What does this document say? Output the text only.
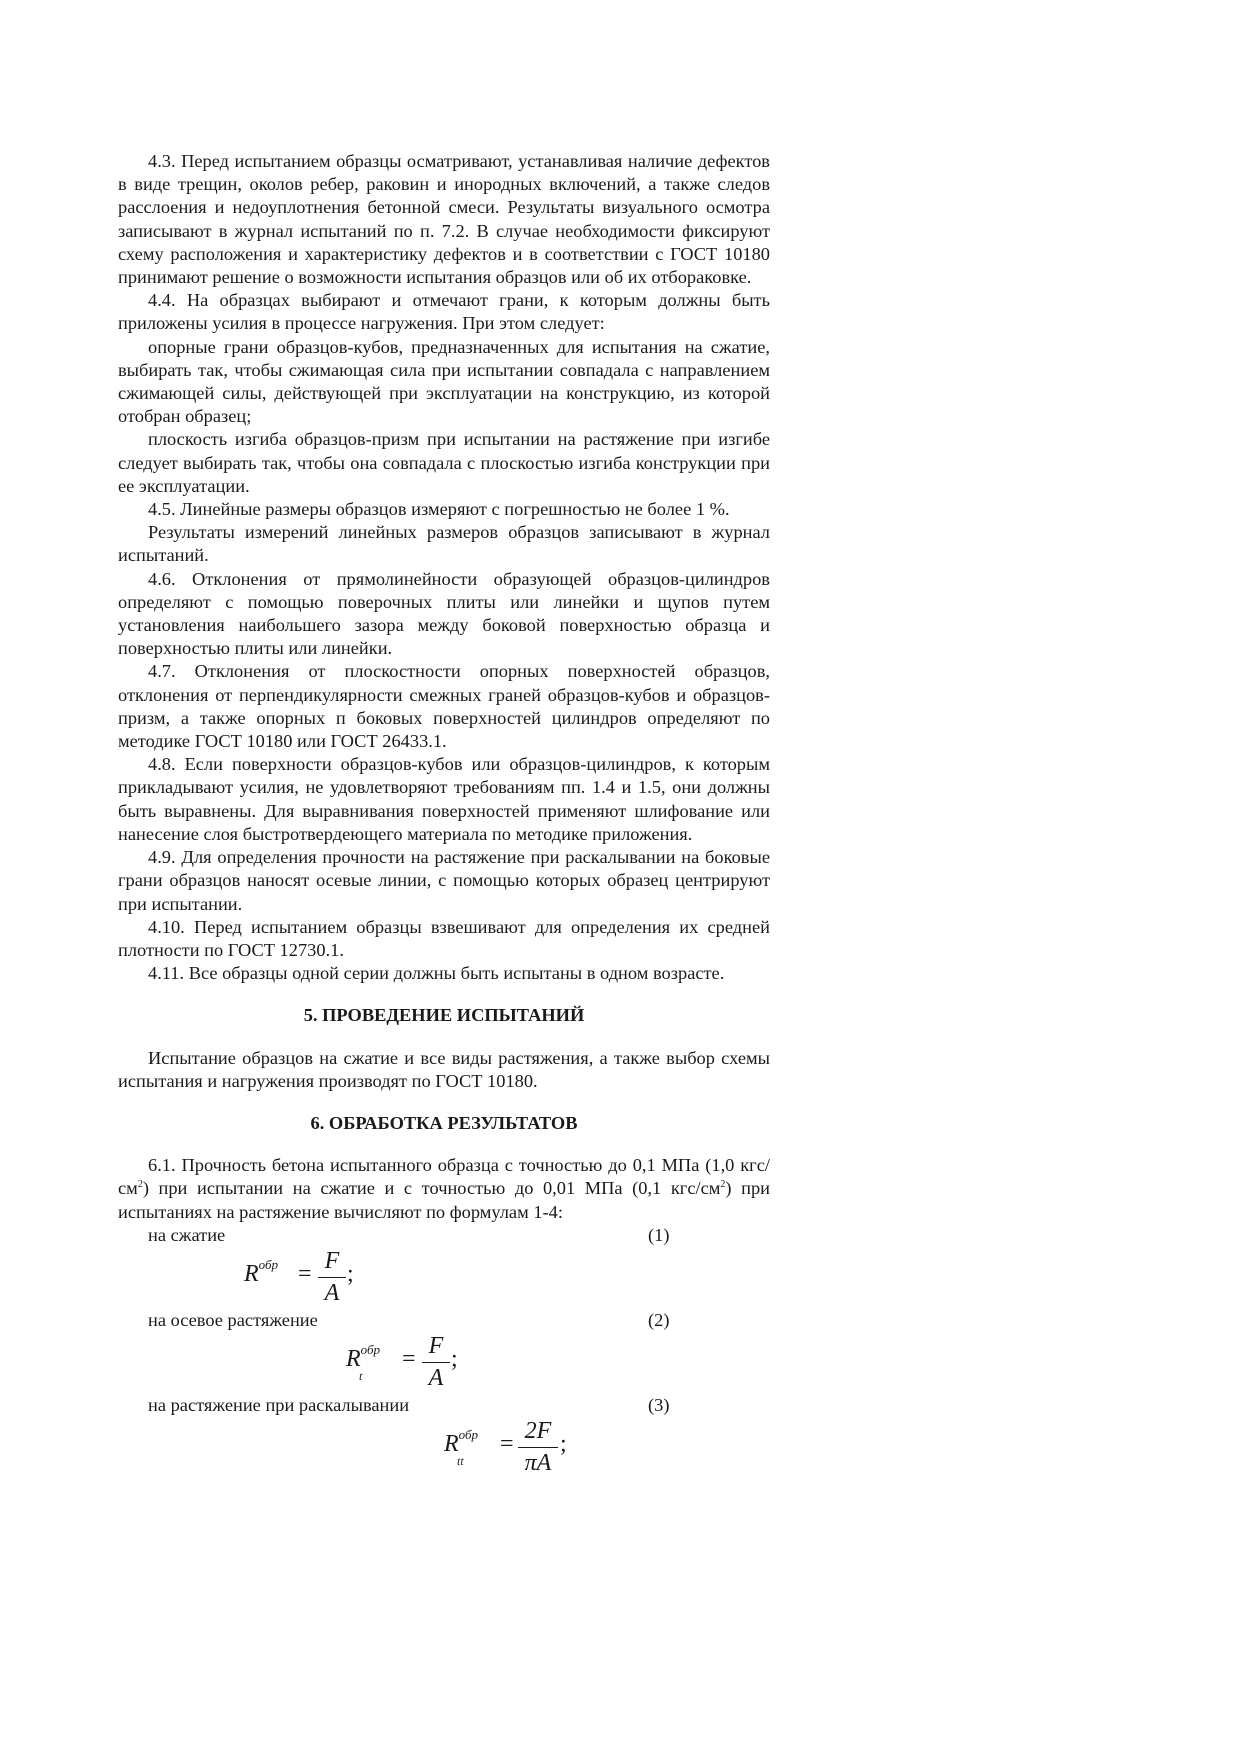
4.3. Перед испытанием образцы осматривают, устанавливая наличие дефектов в виде трещин, околов ребер, раковин и инородных включений, а также следов расслоения и недоуплотнения бетонной смеси. Результаты визуального осмотра записывают в журнал испытаний по п. 7.2. В случае необходимости фиксируют схему расположения и характеристику дефектов и в соответствии с ГОСТ 10180 принимают решение о возможности испытания образцов или об их отбораковке.

4.4. На образцах выбирают и отмечают грани, к которым должны быть приложены усилия в процессе нагружения. При этом следует:

опорные грани образцов-кубов, предназначенных для испытания на сжатие, выбирать так, чтобы сжимающая сила при испытании совпадала с направлением сжимающей силы, действующей при эксплуатации на конструкцию, из которой отобран образец;

плоскость изгиба образцов-призм при испытании на растяжение при изгибе следует выбирать так, чтобы она совпадала с плоскостью изгиба конструкции при ее эксплуатации.

4.5. Линейные размеры образцов измеряют с погрешностью не более 1 %.

Результаты измерений линейных размеров образцов записывают в журнал испытаний.

4.6. Отклонения от прямолинейности образующей образцов-цилиндров определяют с помощью поверочных плиты или линейки и щупов путем установления наибольшего зазора между боковой поверхностью образца и поверхностью плиты или линейки.

4.7. Отклонения от плоскостности опорных поверхностей образцов, отклонения от перпендикулярности смежных граней образцов-кубов и образцов-призм, а также опорных п боковых поверхностей цилиндров определяют по методике ГОСТ 10180 или ГОСТ 26433.1.

4.8. Если поверхности образцов-кубов или образцов-цилиндров, к которым прикладывают усилия, не удовлетворяют требованиям пп. 1.4 и 1.5, они должны быть выравнены. Для выравнивания поверхностей применяют шлифование или нанесение слоя быстротвердеющего материала по методике приложения.

4.9. Для определения прочности на растяжение при раскалывании на боковые грани образцов наносят осевые линии, с помощью которых образец центрируют при испытании.

4.10. Перед испытанием образцы взвешивают для определения их средней плотности по ГОСТ 12730.1.

4.11. Все образцы одной серии должны быть испытаны в одном возрасте.

5. ПРОВЕДЕНИЕ ИСПЫТАНИЙ

Испытание образцов на сжатие и все виды растяжения, а также выбор схемы испытания и нагружения производят по ГОСТ 10180.

6. ОБРАБОТКА РЕЗУЛЬТАТОВ

6.1. Прочность бетона испытанного образца с точностью до 0,1 МПа (1,0 кгс/$см^2$) при испытании на сжатие и с точностью до 0,01 МПа (0,1 кгс/$см^2$) при испытаниях на растяжение вычисляют по формулам 1-4:

на сжатие	(1)
$R^{обр} = F$
A
;
на осевое растяжение	(2)
$R^{обр}$
t
= F
A
;
на растяжение при раскалывании	(3)
$R^{обр}$
tt
= 2F
πA
;
